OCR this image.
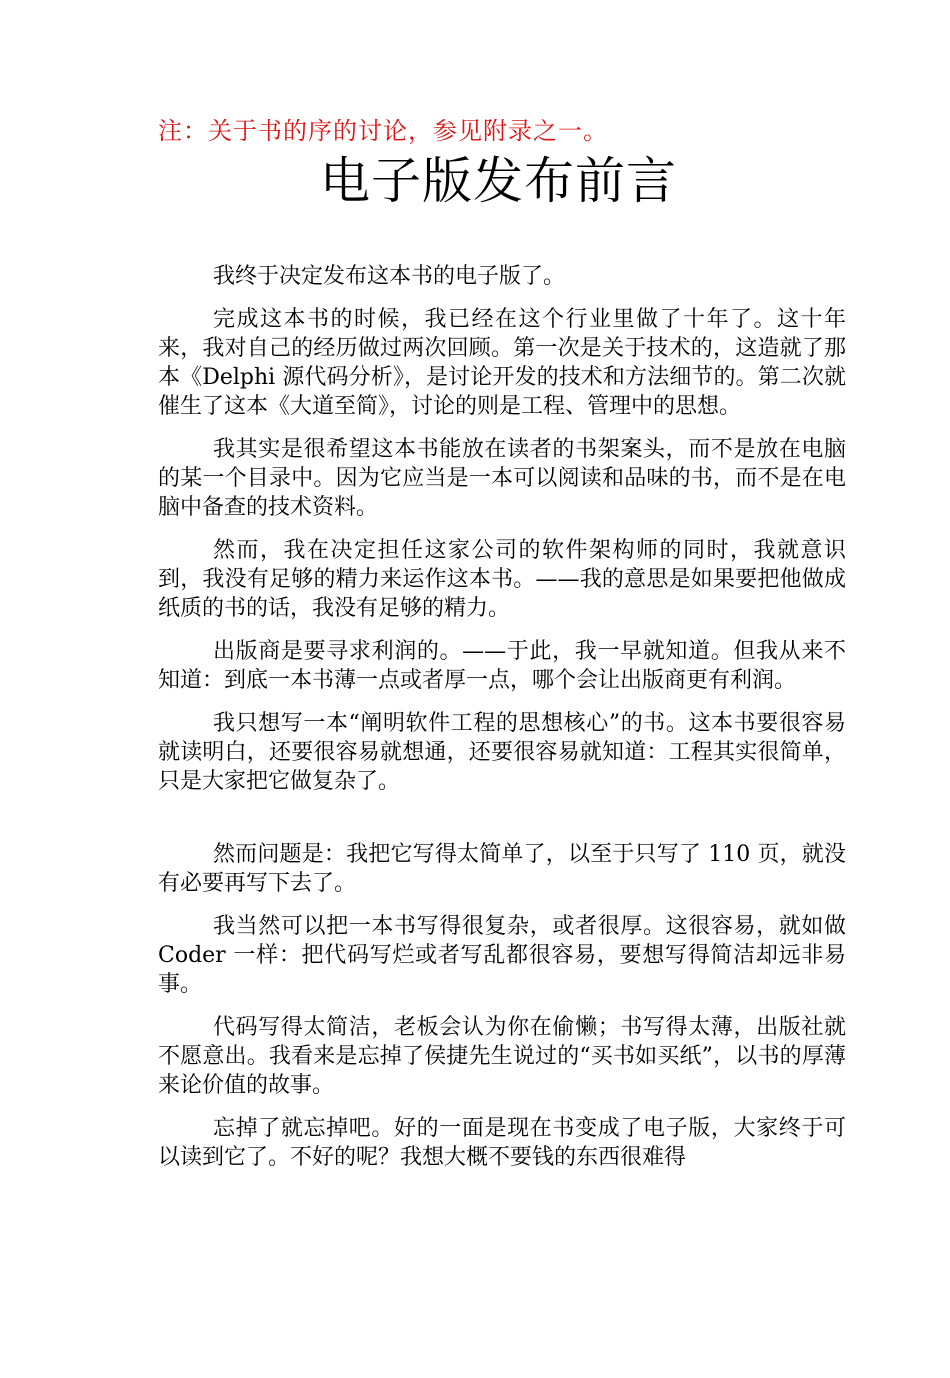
注：关于书的序的讨论，参见附录之一。
电子版发布前言

我终于决定发布这本书的电子版了。

完成这本书的时候，我已经在这个行业里做了十年了。这十年来，我对自己的经历做过两次回顾。第一次是关于技术的，这造就了那本《Delphi 源代码分析》，是讨论开发的技术和方法细节的。第二次就催生了这本《大道至简》，讨论的则是工程、管理中的思想。

我其实是很希望这本书能放在读者的书架案头，而不是放在电脑的某一个目录中。因为它应当是一本可以阅读和品味的书，而不是在电脑中备查的技术资料。

然而，我在决定担任这家公司的软件架构师的同时，我就意识到，我没有足够的精力来运作这本书。——我的意思是如果要把他做成纸质的书的话，我没有足够的精力。

出版商是要寻求利润的。——于此，我一早就知道。但我从来不知道：到底一本书薄一点或者厚一点，哪个会让出版商更有利润。

我只想写一本“阐明软件工程的思想核心”的书。这本书要很容易就读明白，还要很容易就想通，还要很容易就知道：工程其实很简单，只是大家把它做复杂了。

然而问题是：我把它写得太简单了，以至于只写了 110 页，就没有必要再写下去了。

我当然可以把一本书写得很复杂，或者很厚。这很容易，就如做 Coder 一样：把代码写烂或者写乱都很容易，要想写得简洁却远非易事。

代码写得太简洁，老板会认为你在偷懒；书写得太薄，出版社就不愿意出。我看来是忘掉了侯捷先生说过的“买书如买纸”，以书的厚薄来论价值的故事。

忘掉了就忘掉吧。好的一面是现在书变成了电子版，大家终于可以读到它了。不好的呢？我想大概不要钱的东西很难得
